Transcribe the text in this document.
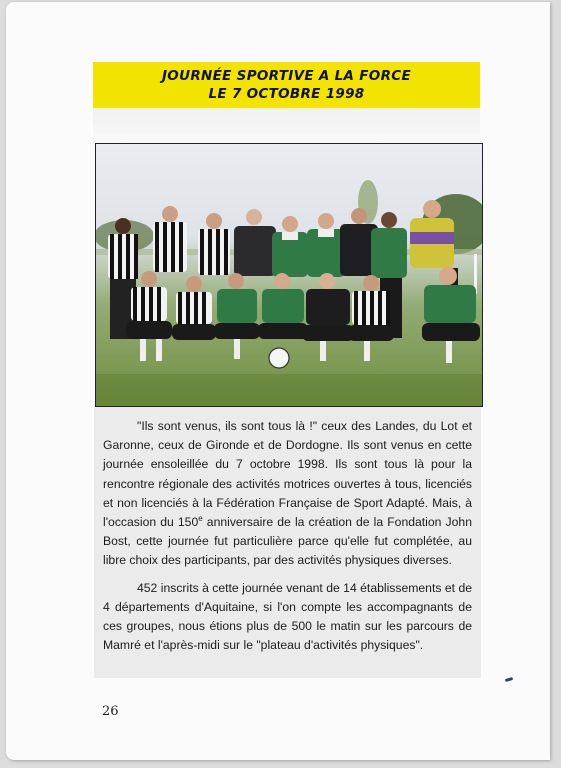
JOURNÉE SPORTIVE A LA FORCE
LE 7 OCTOBRE 1998

"Ils sont venus, ils sont tous là !" ceux des Landes, du Lot et Garonne, ceux de Gironde et de Dordogne. Ils sont venus en cette journée ensoleillée du 7 octobre 1998. Ils sont tous là pour la rencontre régionale des activités motrices ouvertes à tous, licenciés et non licenciés à la Fédération Française de Sport Adapté. Mais, à l'occasion du 150e anniversaire de la création de la Fondation John Bost, cette journée fut particulière parce qu'elle fut complétée, au libre choix des participants, par des activités physiques diverses.

452 inscrits à cette journée venant de 14 établissements et de 4 départements d'Aquitaine, si l'on compte les accompagnants de ces groupes, nous étions plus de 500 le matin sur les parcours de Mamré et l'après-midi sur le "plateau d'activités physiques".

26
